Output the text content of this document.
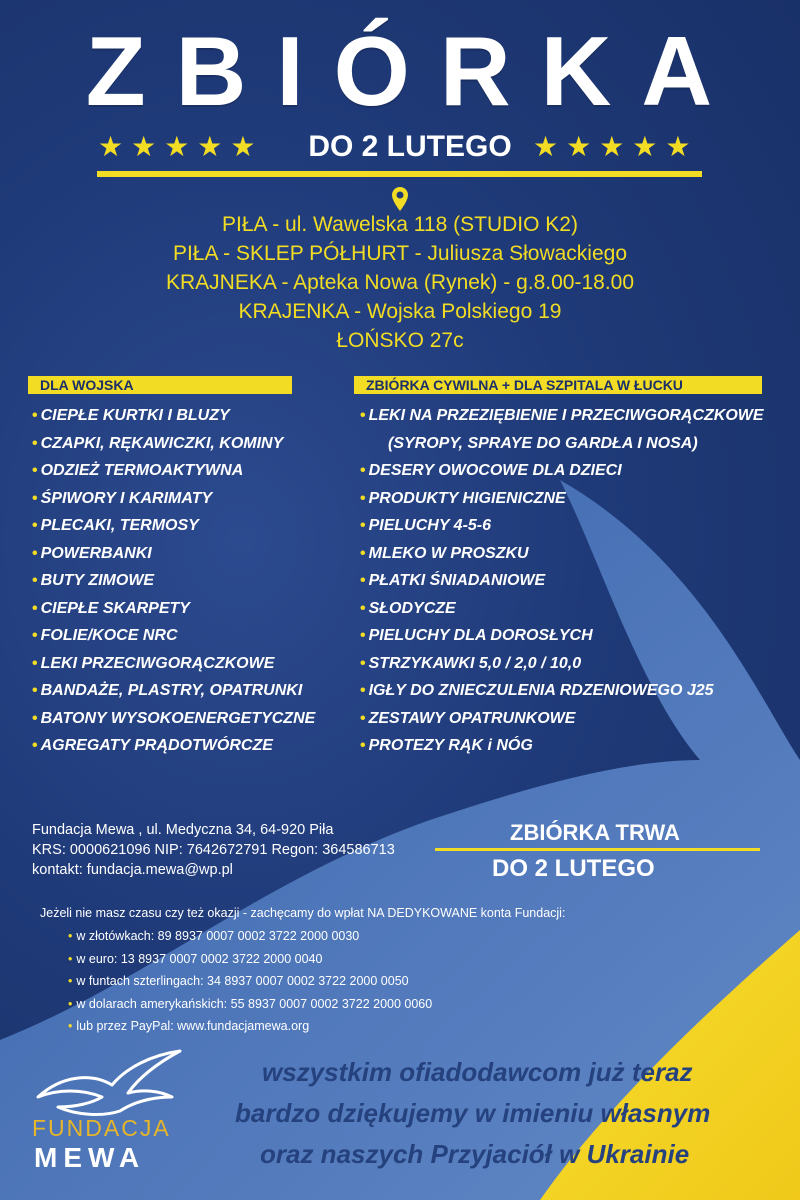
ZBIÓRKA
★★★★★	DO 2 LUTEGO ★★★★★
PIŁA - ul. Wawelska 118 (STUDIO K2)
PIŁA - SKLEP PÓŁHURT - Juliusza Słowackiego
KRAJNEKA - Apteka Nowa (Rynek) - g.8.00-18.00
KRAJENKA - Wojska Polskiego 19
ŁOŃSKO 27c
DLA WOJSKA	ZBIÓRKA CYWILNA + DLA SZPITALA W ŁUCKU
• CIEPŁE KURTKI I BLUZY
• CZAPKI, RĘKAWICZKI, KOMINY
• ODZIEŻ TERMOAKTYWNA
• ŚPIWORY I KARIMATY
• PLECAKI, TERMOSY
• POWERBANKI
• BUTY ZIMOWE
• CIEPŁE SKARPETY
• FOLIE/KOCE NRC
• LEKI PRZECIWGORĄCZKOWE
• BANDAŻE, PLASTRY, OPATRUNKI
• BATONY WYSOKOENERGETYCZNE
• AGREGATY PRĄDOTWÓRCZE
• LEKI NA PRZEZIĘBIENIE I PRZECIWGORĄCZKOWE
(SYROPY, SPRAYE DO GARDŁA I NOSA)
• DESERY OWOCOWE DLA DZIECI
• PRODUKTY HIGIENICZNE
• PIELUCHY 4-5-6
• MLEKO W PROSZKU
• PŁATKI ŚNIADANIOWE
• SŁODYCZE
• PIELUCHY DLA DOROSŁYCH
• STRZYKAWKI 5,0 / 2,0 / 10,0
• IGŁY DO ZNIECZULENIA RDZENIOWEGO J25
• ZESTAWY OPATRUNKOWE
• PROTEZY RĄK i NÓG
Fundacja Mewa , ul. Medyczna 34, 64-920 Piła
KRS: 0000621096 NIP: 7642672791 Regon: 364586713
kontakt: fundacja.mewa@wp.pl
ZBIÓRKA TRWA
DO 2 LUTEGO
Jeżeli nie masz czasu czy też okazji - zachęcamy do wpłat NA DEDYKOWANE konta Fundacji:
• w złotówkach: 89 8937 0007 0002 3722 2000 0030
• w euro: 13 8937 0007 0002 3722 2000 0040
• w funtach szterlingach: 34 8937 0007 0002 3722 2000 0050
• w dolarach amerykańskich: 55 8937 0007 0002 3722 2000 0060
• lub przez PayPal: www.fundacjamewa.org
FUNDACJA
MEWA
wszystkim ofiadodawcom już teraz
bardzo dziękujemy w imieniu własnym
oraz naszych Przyjaciół w Ukrainie
